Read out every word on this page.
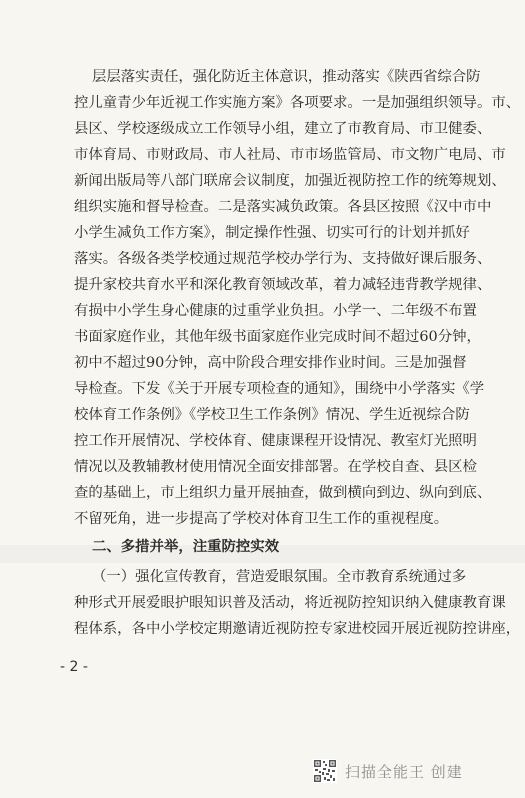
层层落实责任，强化防近主体意识，推动落实《陕西省综合防
控儿童青少年近视工作实施方案》各项要求。一是加强组织领导。市、
县区、学校逐级成立工作领导小组，建立了市教育局、市卫健委、
市体育局、市财政局、市人社局、市市场监管局、市文物广电局、市
新闻出版局等八部门联席会议制度，加强近视防控工作的统筹规划、
组织实施和督导检查。二是落实减负政策。各县区按照《汉中市中
小学生减负工作方案》，制定操作性强、切实可行的计划并抓好
落实。各级各类学校通过规范学校办学行为、支持做好课后服务、
提升家校共育水平和深化教育领域改革，着力减轻违背教学规律、
有损中小学生身心健康的过重学业负担。小学一、二年级不布置
书面家庭作业，其他年级书面家庭作业完成时间不超过60分钟，
初中不超过90分钟，高中阶段合理安排作业时间。三是加强督
导检查。下发《关于开展专项检查的通知》，围绕中小学落实《学
校体育工作条例》《学校卫生工作条例》情况、学生近视综合防
控工作开展情况、学校体育、健康课程开设情况、教室灯光照明
情况以及教辅教材使用情况全面安排部署。在学校自查、县区检
查的基础上，市上组织力量开展抽查，做到横向到边、纵向到底、
不留死角，进一步提高了学校对体育卫生工作的重视程度。
二、多措并举，注重防控实效
（一）强化宣传教育，营造爱眼氛围。全市教育系统通过多
种形式开展爱眼护眼知识普及活动，将近视防控知识纳入健康教育课
程体系，各中小学校定期邀请近视防控专家进校园开展近视防控讲座，
- 2 -
扫描全能王 创建
